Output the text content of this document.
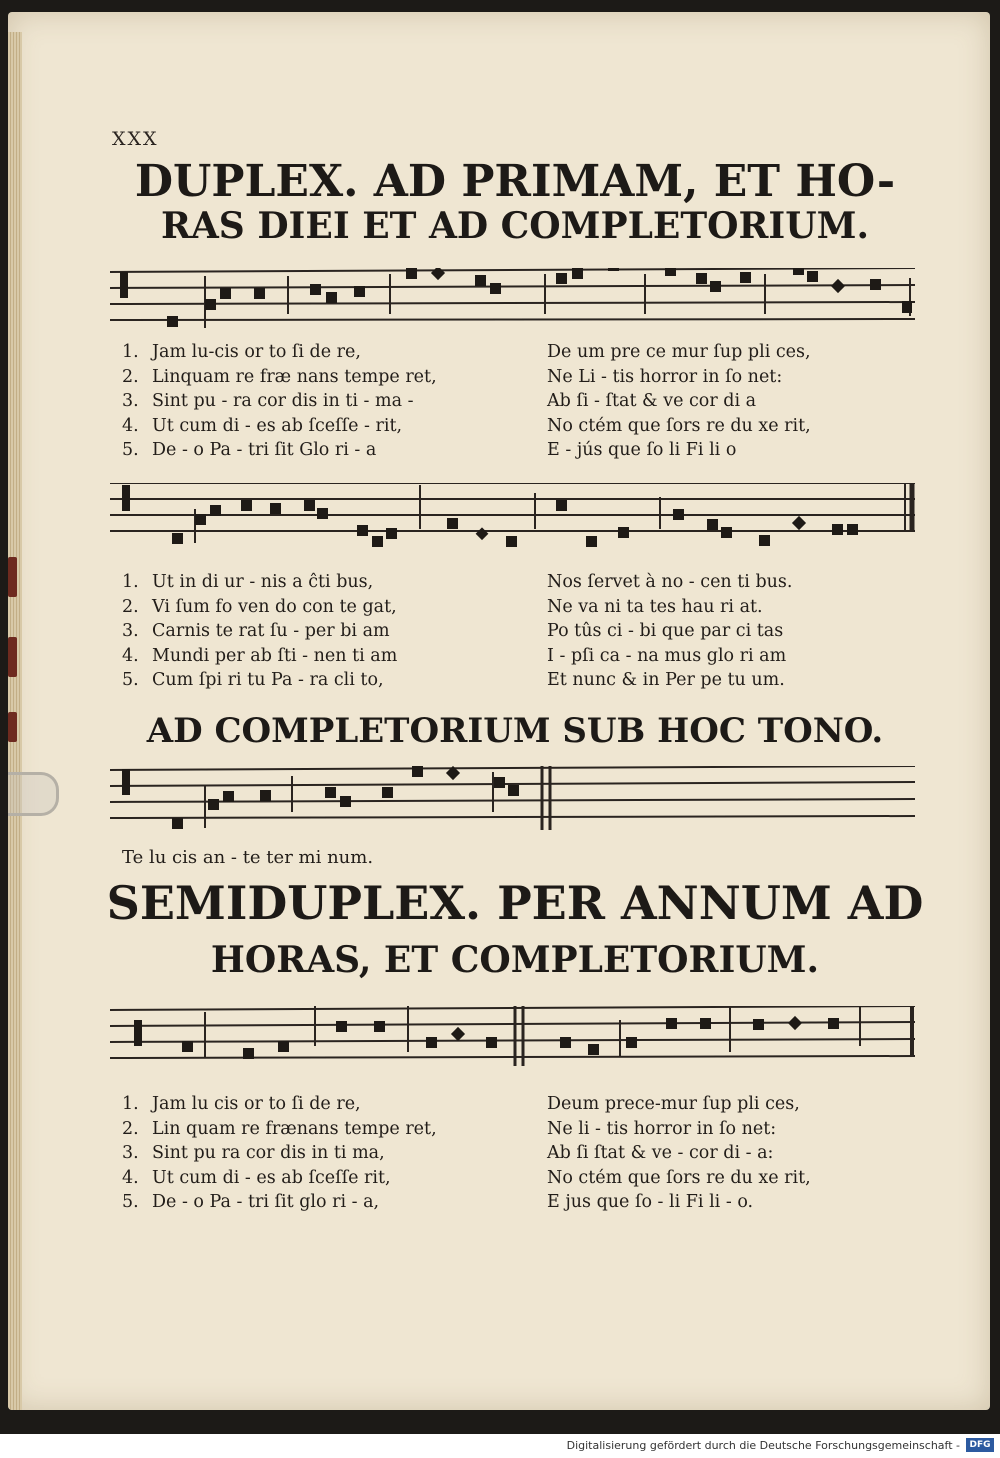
XXX
DUPLEX. AD PRIMAM, ET HO-
RAS DIEI ET AD COMPLETORIUM.
1. Jam lu-cis or to ſi de re,	De um pre ce mur ſup pli ces,
2. Linquam re fræ nans tempe ret,	Ne Li - tis horror in ſo net:
3. Sint pu - ra cor dis in ti - ma -	Ab ſi - ſtat & ve cor di a
4. Ut cum di - es ab ſceſſe - rit,	No ctém que ſors re du xe rit,
5. De - o Pa - tri ſit Glo ri - a	E - jús que ſo li Fi li o
1. Ut in di ur - nis a ĉti bus,	Nos ſervet à no - cen ti bus.
2. Vi ſum fo ven do con te gat,	Ne va ni ta tes hau ri at.
3. Carnis te rat ſu - per bi am	Po tûs ci - bi que par ci tas
4. Mundi per ab ſti - nen ti am	I - pſi ca - na mus glo ri am
5. Cum ſpi ri tu Pa - ra cli to,	Et nunc & in Per pe tu um.
AD COMPLETORIUM SUB HOC TONO.
Te lu cis an - te ter mi num.
SEMIDUPLEX. PER ANNUM AD
HORAS, ET COMPLETORIUM.
1. Jam lu cis or to ſi de re,	Deum prece-mur ſup pli ces,
2. Lin quam re frænans tempe ret,	Ne li - tis horror in ſo net:
3. Sint pu ra cor dis in ti ma,	Ab ſi ſtat & ve - cor di - a:
4. Ut cum di - es ab ſceſſe rit,	No ctém que ſors re du xe rit,
5. De - o Pa - tri ſit glo ri - a,	E jus que ſo - li Fi li - o.
Digitalisierung gefördert durch die Deutsche Forschungsgemeinschaft -	DFG
